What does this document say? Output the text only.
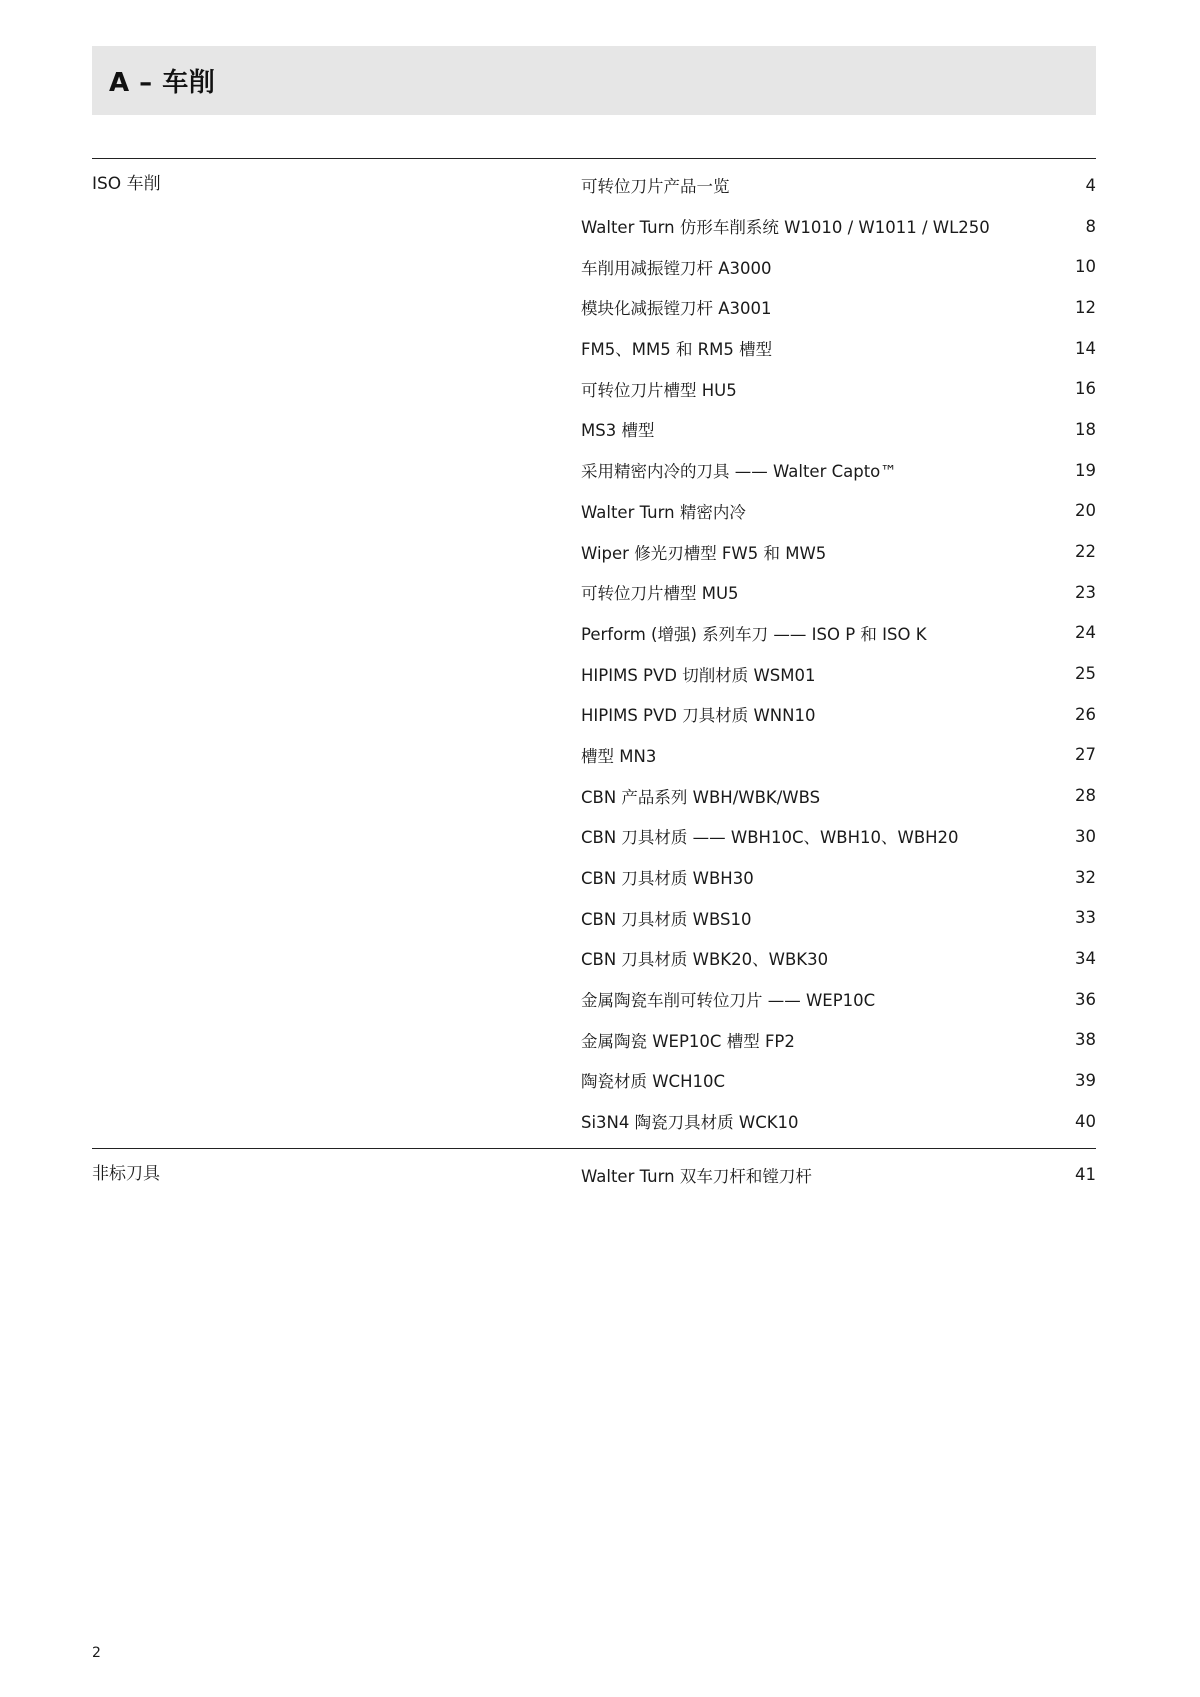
A – 车削
ISO 车削	可转位刀片产品一览	4
Walter Turn 仿形车削系统 W1010 / W1011 / WL250	8
车削用减振镗刀杆 A3000	10
模块化减振镗刀杆 A3001	12
FM5、MM5 和 RM5 槽型	14
可转位刀片槽型 HU5	16
MS3 槽型	18
采用精密内冷的刀具 —— Walter Capto™	19
Walter Turn 精密内冷	20
Wiper 修光刃槽型 FW5 和 MW5	22
可转位刀片槽型 MU5	23
Perform (增强) 系列车刀 —— ISO P 和 ISO K	24
HIPIMS PVD 切削材质 WSM01	25
HIPIMS PVD 刀具材质 WNN10	26
槽型 MN3	27
CBN 产品系列 WBH/WBK/WBS	28
CBN 刀具材质 —— WBH10C、WBH10、WBH20	30
CBN 刀具材质 WBH30	32
CBN 刀具材质 WBS10	33
CBN 刀具材质 WBK20、WBK30	34
金属陶瓷车削可转位刀片 —— WEP10C	36
金属陶瓷 WEP10C 槽型 FP2	38
陶瓷材质 WCH10C	39
Si3N4 陶瓷刀具材质 WCK10	40
非标刀具	Walter Turn 双车刀杆和镗刀杆	41
2
